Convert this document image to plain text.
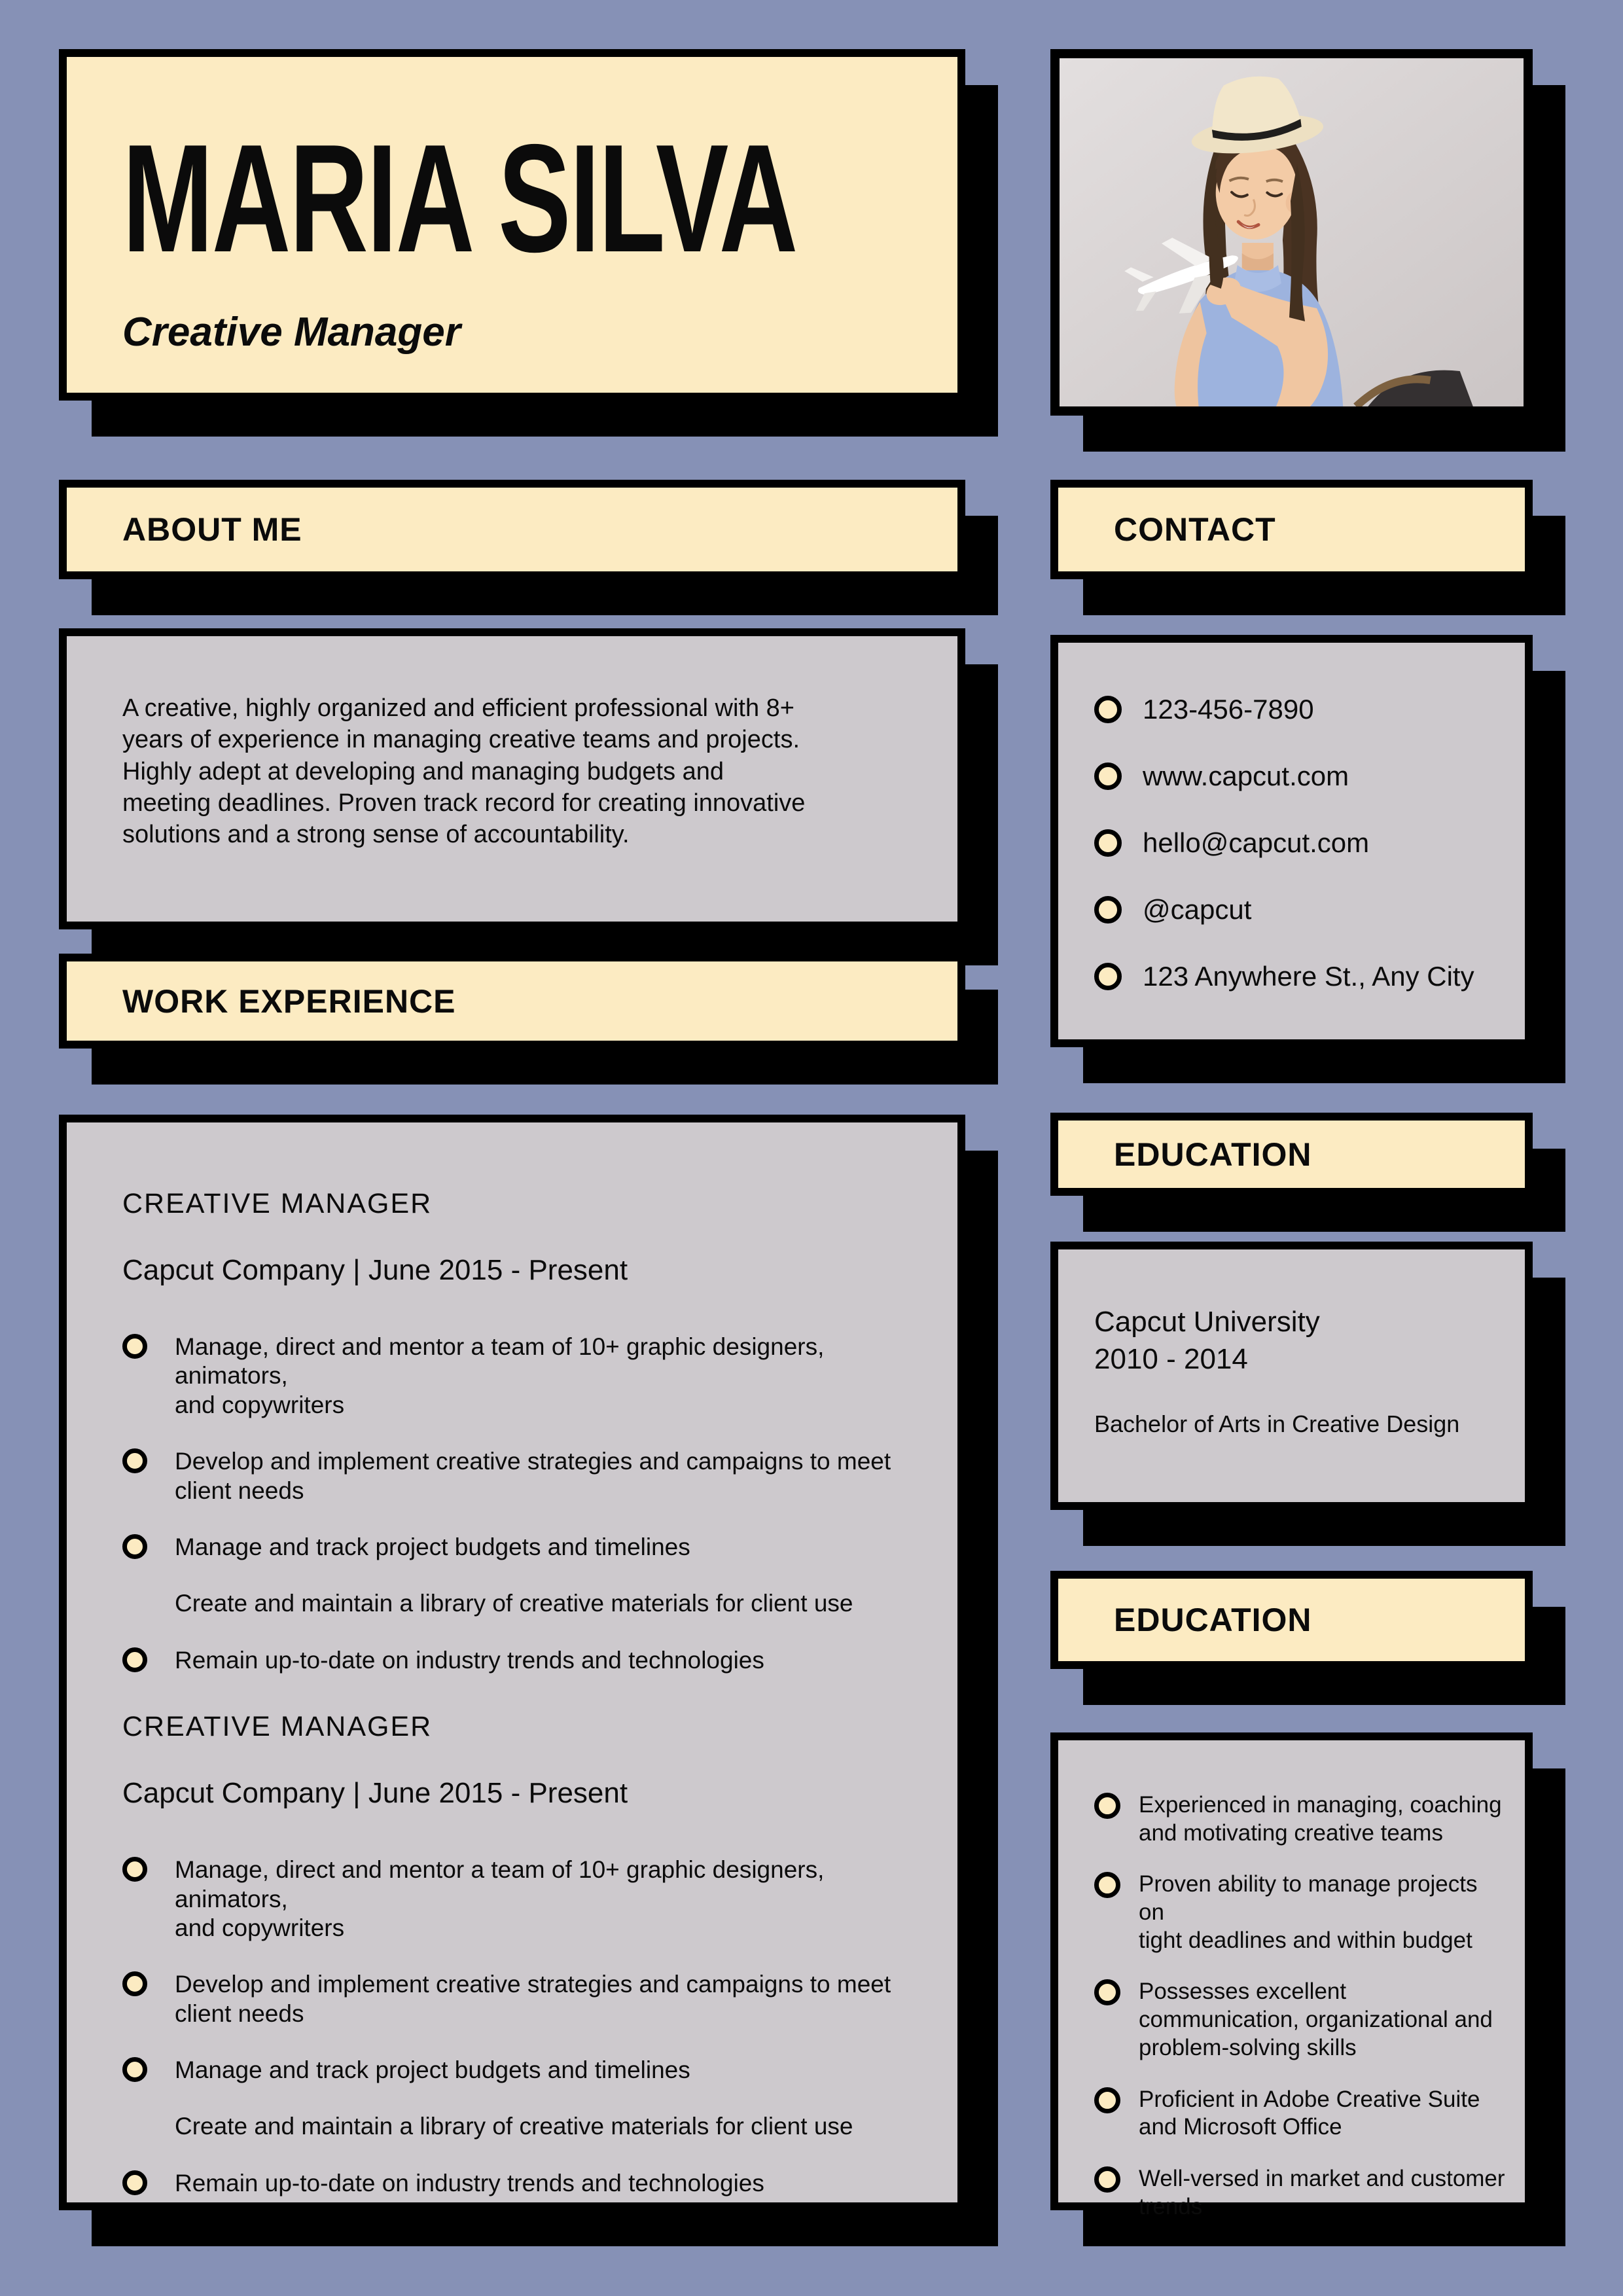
MARIA SILVA
Creative Manager
ABOUT ME

A creative, highly organized and efficient professional with 8+
years of experience in managing creative teams and projects.
Highly adept at developing and managing budgets and
meeting deadlines. Proven track record for creating innovative
solutions and a strong sense of accountability.

WORK EXPERIENCE
CREATIVE MANAGER

Capcut Company | June 2015 - Present

Manage, direct and mentor a team of 10+ graphic designers, animators,
and copywriters
Develop and implement creative strategies and campaigns to meet
client needs
Manage and track project budgets and timelines
Create and maintain a library of creative materials for client use
Remain up-to-date on industry trends and technologies
CREATIVE MANAGER

Capcut Company | June 2015 - Present

Manage, direct and mentor a team of 10+ graphic designers, animators,
and copywriters
Develop and implement creative strategies and campaigns to meet
client needs
Manage and track project budgets and timelines
Create and maintain a library of creative materials for client use
Remain up-to-date on industry trends and technologies
CONTACT
123-456-7890
www.capcut.com
hello@capcut.com
@capcut
123 Anywhere St., Any City
EDUCATION

Capcut University
2010 - 2014

Bachelor of Arts in Creative Design

EDUCATION
Experienced in managing, coaching
and motivating creative teams
Proven ability to manage projects on
tight deadlines and within budget
Possesses excellent
communication, organizational and
problem-solving skills
Proficient in Adobe Creative Suite
and Microsoft Office
Well-versed in market and customer
trends
